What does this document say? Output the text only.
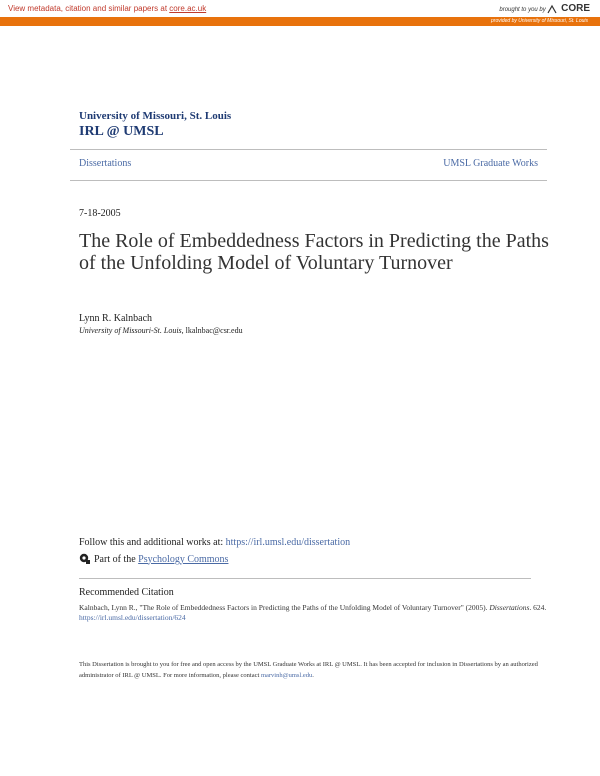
View metadata, citation and similar papers at core.ac.uk	brought to you by CORE
provided by University of Missouri, St. Louis
University of Missouri, St. Louis
IRL @ UMSL
Dissertations	UMSL Graduate Works
7-18-2005
The Role of Embeddedness Factors in Predicting the Paths of the Unfolding Model of Voluntary Turnover
Lynn R. Kalnbach
University of Missouri-St. Louis, lkalnbac@csr.edu
Follow this and additional works at: https://irl.umsl.edu/dissertation
Part of the
Psychology Commons
Recommended Citation
Kalnbach, Lynn R., "The Role of Embeddedness Factors in Predicting the Paths of the Unfolding Model of Voluntary Turnover" (2005). Dissertations. 624.
https://irl.umsl.edu/dissertation/624
This Dissertation is brought to you for free and open access by the UMSL Graduate Works at IRL @ UMSL. It has been accepted for inclusion in Dissertations by an authorized administrator of IRL @ UMSL. For more information, please contact marvinh@umsl.edu.
